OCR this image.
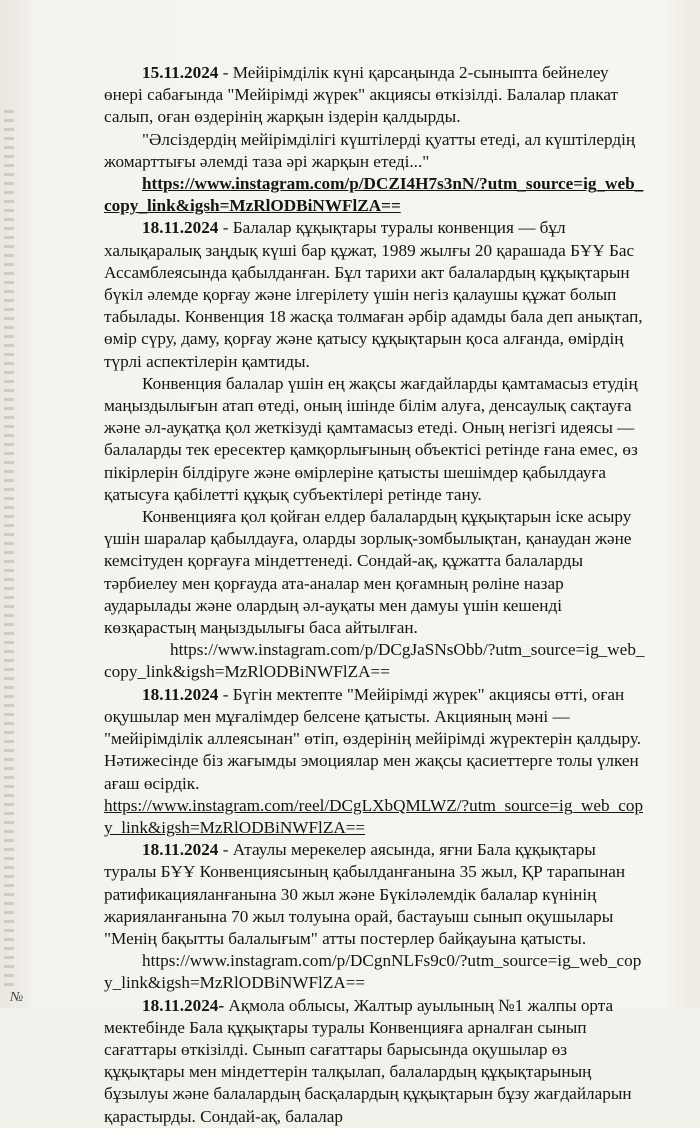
15.11.2024 - Мейірімділік күні қарсаңында 2-сыныпта бейнелеу өнері сабағында "Мейірімді жүрек" акциясы өткізілді. Балалар плакат салып, оған өздерінің жарқын іздерін қалдырды.

"Әлсіздердің мейірімділігі күштілерді қуатты етеді, ал күштілердің жомарттығы әлемді таза әрі жарқын етеді..."

https://www.instagram.com/p/DCZI4H7s3nN/?utm_source=ig_web_copy_link&igsh=MzRlODBiNWFlZA==

18.11.2024 - Балалар құқықтары туралы конвенция — бұл халықаралық заңдық күші бар құжат, 1989 жылғы 20 қарашада БҰҰ Бас Ассамблеясында қабылданған. Бұл тарихи акт балалардың құқықтарын бүкіл әлемде қорғау және ілгерілету үшін негіз қалаушы құжат болып табылады. Конвенция 18 жасқа толмаған әрбір адамды бала деп анықтап, өмір сүру, даму, қорғау және қатысу құқықтарын қоса алғанда, өмірдің түрлі аспектілерін қамтиды.

Конвенция балалар үшін ең жақсы жағдайларды қамтамасыз етудің маңыздылығын атап өтеді, оның ішінде білім алуға, денсаулық сақтауға және әл-ауқатқа қол жеткізуді қамтамасыз етеді. Оның негізгі идеясы — балаларды тек ересектер қамқорлығының объектісі ретінде ғана емес, өз пікірлерін білдіруге және өмірлеріне қатысты шешімдер қабылдауға қатысуға қабілетті құқық субъектілері ретінде тану.

Конвенцияға қол қойған елдер балалардың құқықтарын іске асыру үшін шаралар қабылдауға, оларды зорлық-зомбылықтан, қанаудан және кемсітуден қорғауға міндеттенеді. Сондай-ақ, құжатта балаларды тәрбиелеу мен қорғауда ата-аналар мен қоғамның рөліне назар аударылады және олардың әл-ауқаты мен дамуы үшін кешенді көзқарастың маңыздылығы баса айтылған.

https://www.instagram.com/p/DCgJaSNsObb/?utm_source=ig_web_copy_link&igsh=MzRlODBiNWFlZA==

18.11.2024 - Бүгін мектепте "Мейірімді жүрек" акциясы өтті, оған оқушылар мен мұғалімдер белсене қатысты. Акцияның мәні — "мейірімділік аллеясынан" өтіп, өздерінің мейірімді жүректерін қалдыру. Нәтижесінде біз жағымды эмоциялар мен жақсы қасиеттерге толы үлкен ағаш өсірдік.

https://www.instagram.com/reel/DCgLXbQMLWZ/?utm_source=ig_web_copy_link&igsh=MzRlODBiNWFlZA==

18.11.2024 - Атаулы мерекелер аясында, яғни Бала құқықтары туралы БҰҰ Конвенциясының қабылданғанына 35 жыл, ҚР тарапынан ратификацияланғанына 30 жыл және Бүкіләлемдік балалар күнінің жарияланғанына 70 жыл толуына орай, бастауыш сынып оқушылары "Менің бақытты балалығым" атты постерлер байқауына қатысты.

https://www.instagram.com/p/DCgnNLFs9c0/?utm_source=ig_web_copy_link&igsh=MzRlODBiNWFlZA==

18.11.2024- Ақмола облысы, Жалтыр ауылының №1 жалпы орта мектебінде Бала құқықтары туралы Конвенцияға арналған сынып сағаттары өткізілді. Сынып сағаттары барысында оқушылар өз құқықтары мен міндеттерін талқылап, балалардың құқықтарының бұзылуы және балалардың басқалардың құқықтарын бұзу жағдайларын қарастырды. Сондай-ақ, балалар

№
